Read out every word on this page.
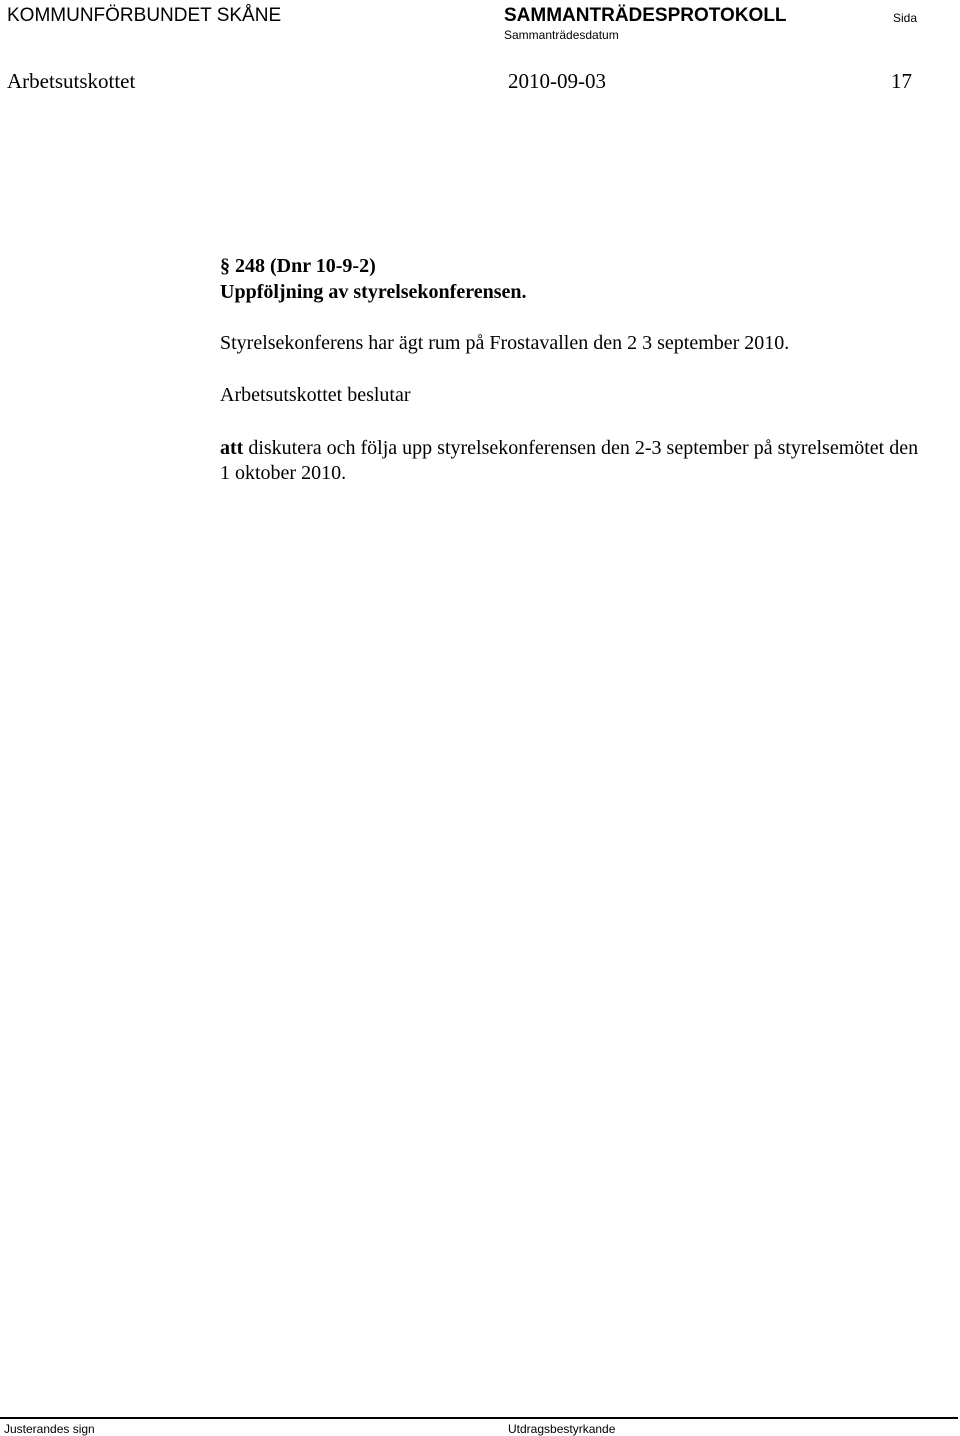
KOMMUNFÖRBUNDET SKÅNE	SAMMANTRÄDESPROTOKOLL	Sida
Sammanträdesdatum
Arbetsutskottet	2010-09-03	17
§ 248 (Dnr 10-9-2)
Uppföljning av styrelsekonferensen.
Styrelsekonferens har ägt rum på Frostavallen den 2 3 september 2010.
Arbetsutskottet beslutar
att diskutera och följa upp styrelsekonferensen den 2-3 september på styrelsemötet den 1 oktober 2010.
Justerandes sign	Utdragsbestyrkande
